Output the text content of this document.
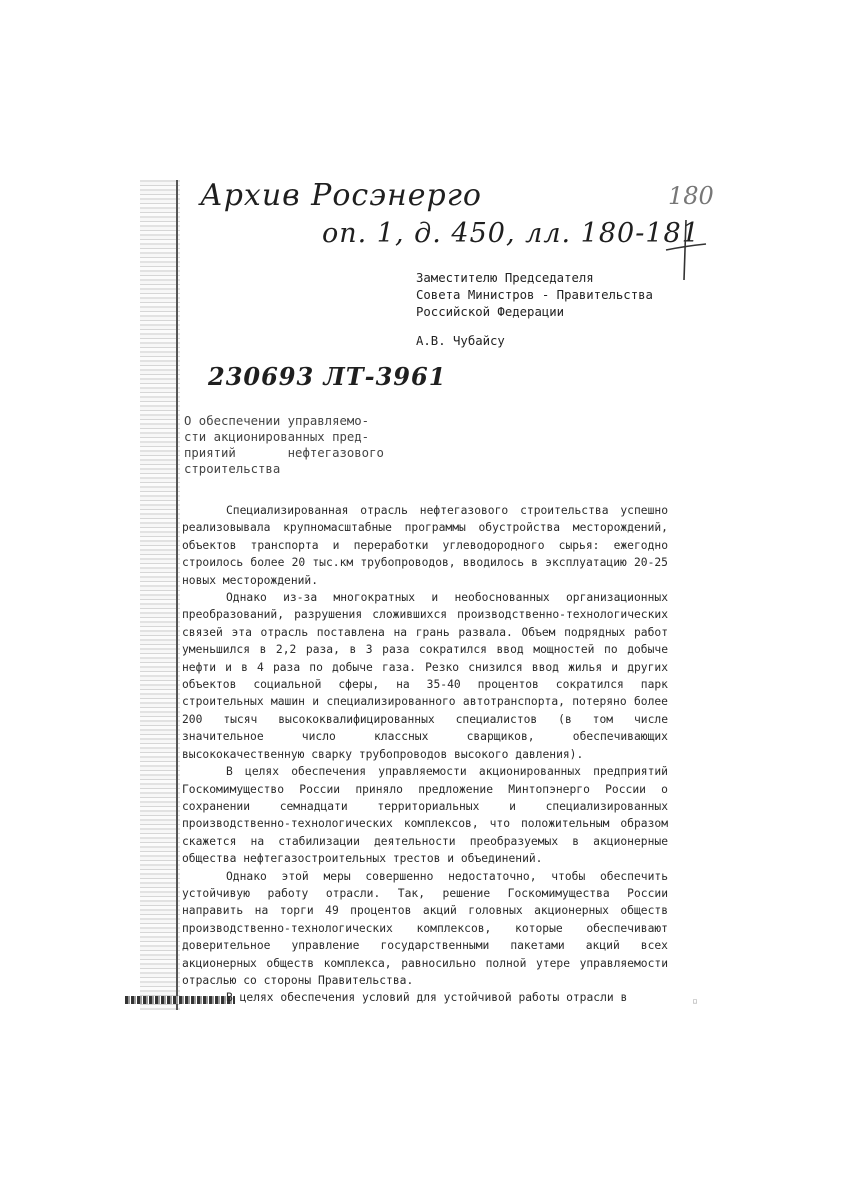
Архив Росэнерго
оп. 1, д. 450, лл. 180-181
180
Заместителю Председателя
Совета Министров - Правительства
Российской Федерации
А.В. Чубайсу
230693 ЛТ-3961
О обеспечении управляемо-
сти акционированных пред-
приятий       нефтегазового
строительства

Специализированная отрасль нефтегазового строительства успешно реализовывала крупномасштабные программы обустройства месторождений, объектов транспорта и переработки углеводородного сырья: ежегодно строилось более 20 тыс.км трубопроводов, вводилось в эксплуатацию 20-25 новых месторождений.

Однако из-за многократных и необоснованных организационных преобразований, разрушения сложившихся производственно-технологических связей эта отрасль поставлена на грань развала. Объем подрядных работ уменьшился в 2,2 раза, в 3 раза сократился ввод мощностей по добыче нефти и в 4 раза по добыче газа. Резко снизился ввод жилья и других объектов социальной сферы, на 35-40 процентов сократился парк строительных машин и специализированного автотранспорта, потеряно более 200 тысяч высококвалифицированных специалистов (в том числе значительное число классных сварщиков, обеспечивающих высококачественную сварку трубопроводов высокого давления).

В целях обеспечения управляемости акционированных предприятий Госкомимущество России приняло предложение Минтопэнерго России о сохранении семнадцати территориальных и специализированных производственно-технологических комплексов, что положительным образом скажется на стабилизации деятельности преобразуемых в акционерные общества нефтегазостроительных трестов и объединений.

Однако этой меры совершенно недостаточно, чтобы обеспечить устойчивую работу отрасли. Так, решение Госкомимущества России направить на торги 49 процентов акций головных акционерных обществ производственно-технологических комплексов, которые обеспечивают доверительное управление государственными пакетами акций всех акционерных обществ комплекса, равносильно полной утере управляемости отраслью со стороны Правительства.

В целях обеспечения условий для устойчивой работы отрасли в	▫
